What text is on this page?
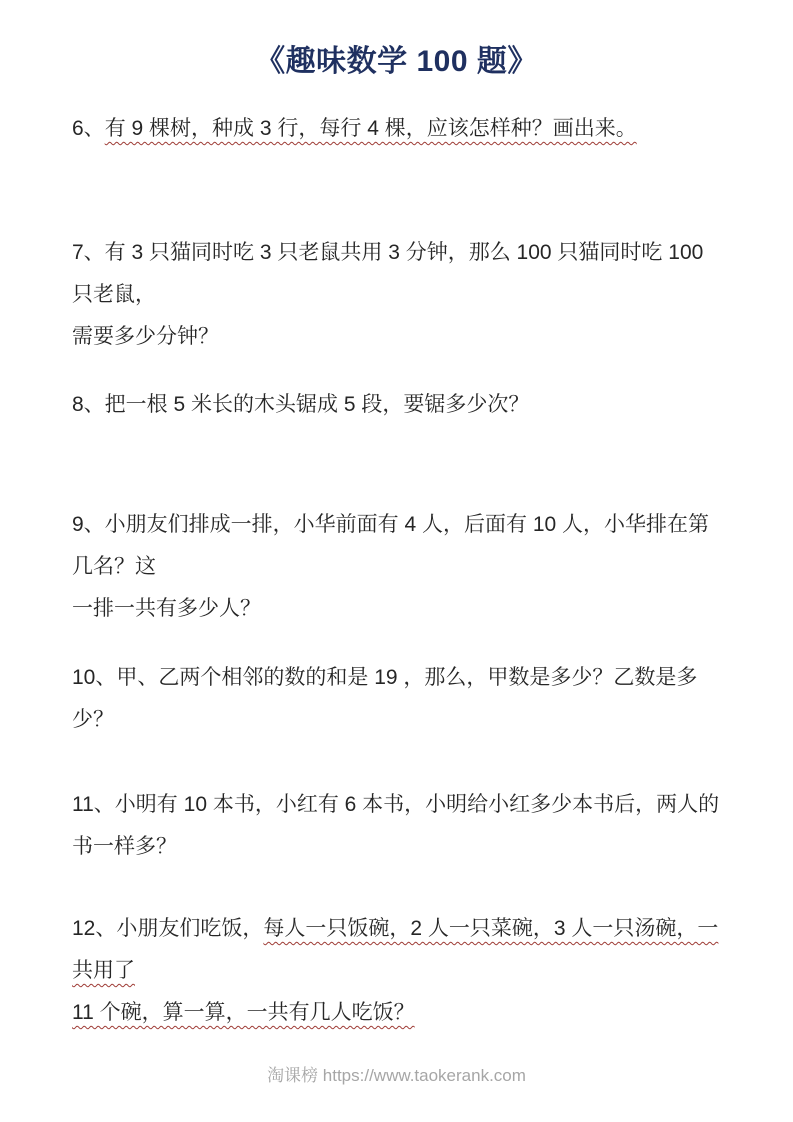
《趣味数学 100 题》
6、有 9 棵树，种成 3 行，每行 4 棵，应该怎样种？画出来。
7、有 3 只猫同时吃 3 只老鼠共用 3 分钟，那么 100 只猫同时吃 100 只老鼠，
需要多少分钟？
8、把一根 5 米长的木头锯成 5 段，要锯多少次？
9、小朋友们排成一排，小华前面有 4 人，后面有 10 人，小华排在第几名？这
一排一共有多少人？
10、甲、乙两个相邻的数的和是 19 ，那么，甲数是多少？乙数是多少？
11、小明有 10 本书，小红有 6 本书，小明给小红多少本书后，两人的书一样多？
12、小朋友们吃饭，每人一只饭碗，2 人一只菜碗，3 人一只汤碗，一共用了
11 个碗，算一算，一共有几人吃饭？
淘课榜 https://www.taokerank.com
